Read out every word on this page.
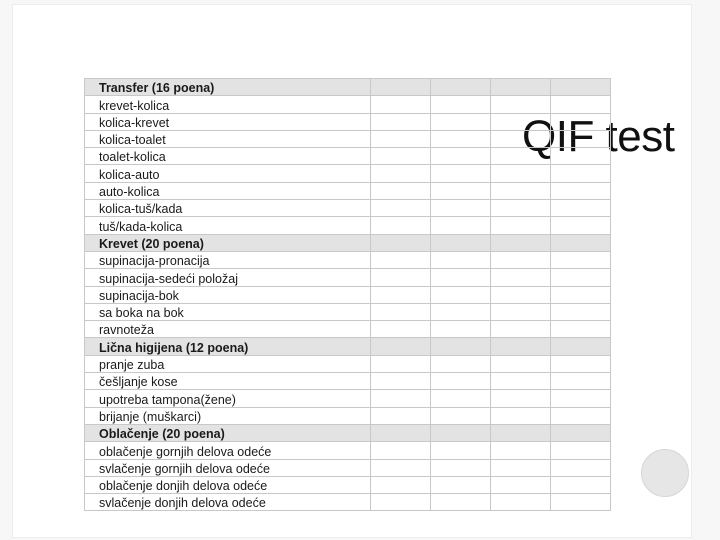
QIF test
Transfer (16 poena)				

krevet-kolica				

kolica-krevet				

kolica-toalet				

toalet-kolica				

kolica-auto				

auto-kolica				

kolica-tuš/kada				

tuš/kada-kolica				

Krevet (20 poena)				

supinacija-pronacija				

supinacija-sedeći položaj				

supinacija-bok				

sa boka na bok				

ravnoteža				

Lična higijena (12 poena)				

pranje zuba				

češljanje kose				

upotreba tampona(žene)				

brijanje (muškarci)				

Oblačenje (20 poena)				

oblačenje gornjih delova odeće				

svlačenje gornjih delova odeće				

oblačenje donjih delova odeće				

svlačenje donjih delova odeće				
